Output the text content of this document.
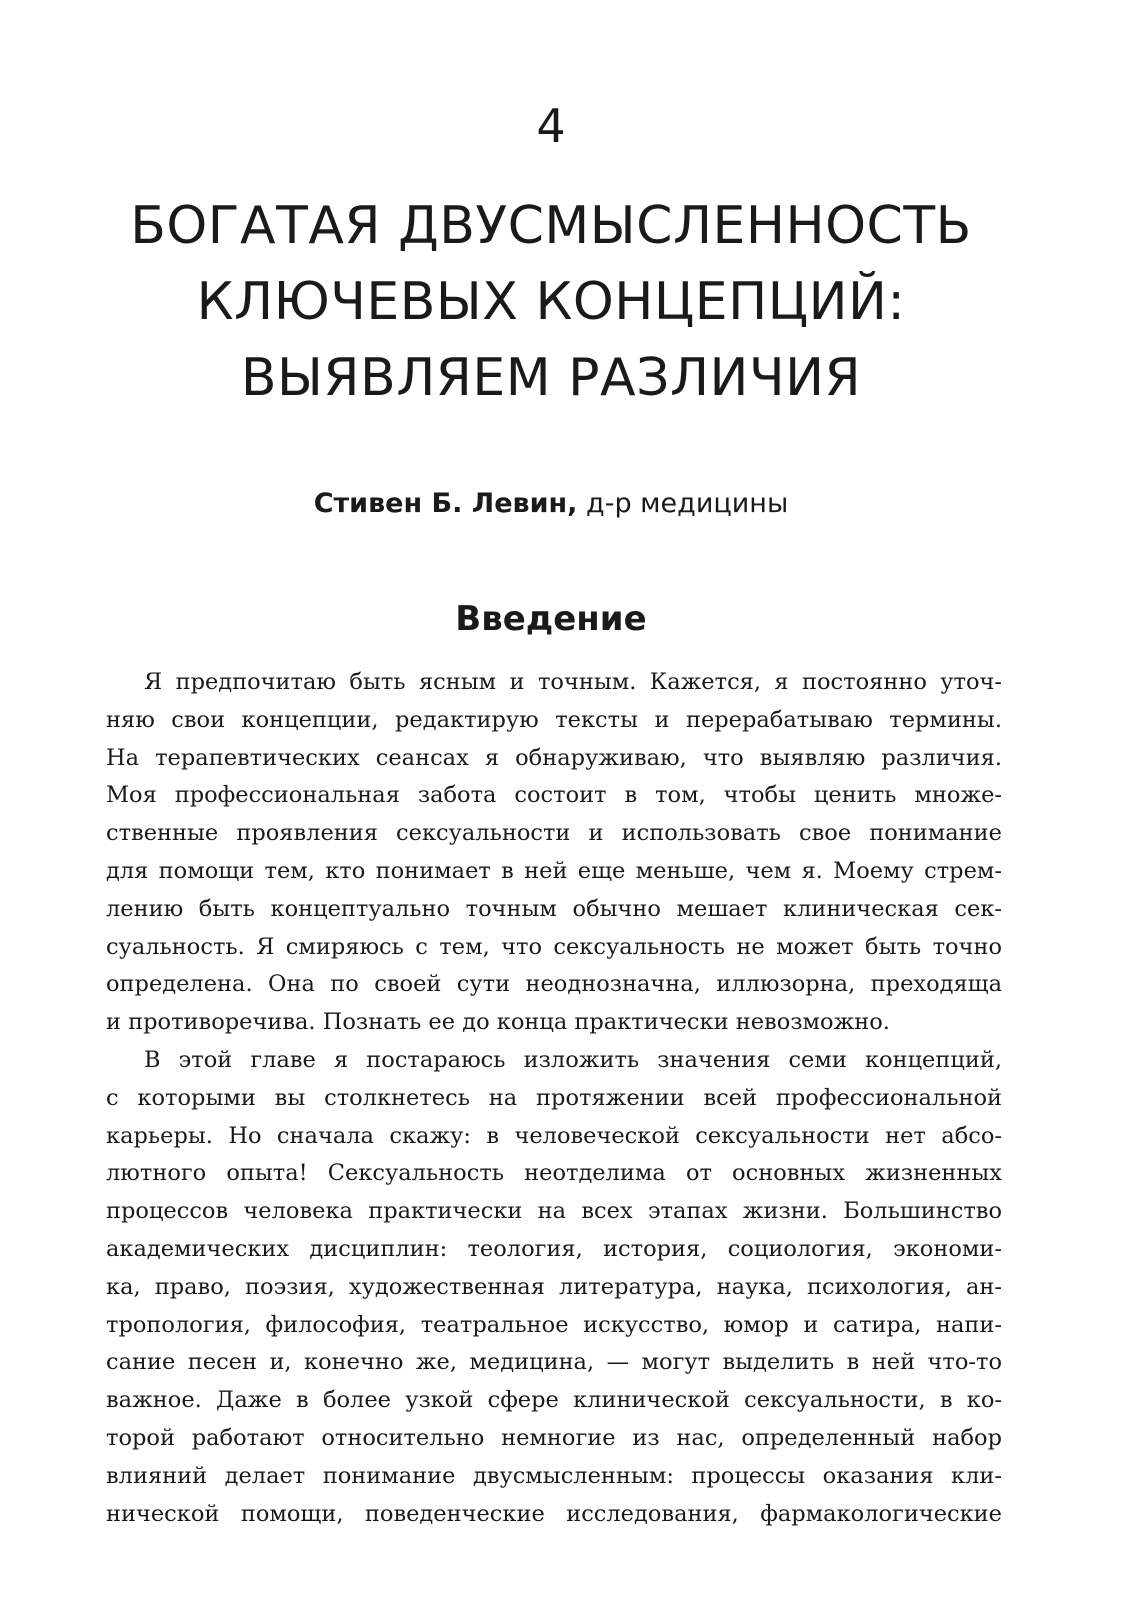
4
БОГАТАЯ ДВУСМЫСЛЕННОСТЬ
КЛЮЧЕВЫХ КОНЦЕПЦИЙ:
ВЫЯВЛЯЕМ РАЗЛИЧИЯ
Стивен Б. Левин, д-р медицины
Введение
Я предпочитаю быть ясным и точным. Кажется, я постоянно уточ-
няю свои концепции, редактирую тексты и перерабатываю термины.
На терапевтических сеансах я обнаруживаю, что выявляю различия.
Моя профессиональная забота состоит в том, чтобы ценить множе-
ственные проявления сексуальности и использовать свое понимание
для помощи тем, кто понимает в ней еще меньше, чем я. Моему стрем-
лению быть концептуально точным обычно мешает клиническая сек-
суальность. Я смиряюсь с тем, что сексуальность не может быть точно
определена. Она по своей сути неоднозначна, иллюзорна, преходяща
и противоречива. Познать ее до конца практически невозможно.
В этой главе я постараюсь изложить значения семи концепций,
с которыми вы столкнетесь на протяжении всей профессиональной
карьеры. Но сначала скажу: в человеческой сексуальности нет абсо-
лютного опыта! Сексуальность неотделима от основных жизненных
процессов человека практически на всех этапах жизни. Большинство
академических дисциплин: теология, история, социология, экономи-
ка, право, поэзия, художественная литература, наука, психология, ан-
тропология, философия, театральное искусство, юмор и сатира, напи-
сание песен и, конечно же, медицина, — могут выделить в ней что-то
важное. Даже в более узкой сфере клинической сексуальности, в ко-
торой работают относительно немногие из нас, определенный набор
влияний делает понимание двусмысленным: процессы оказания кли-
нической помощи, поведенческие исследования, фармакологические
